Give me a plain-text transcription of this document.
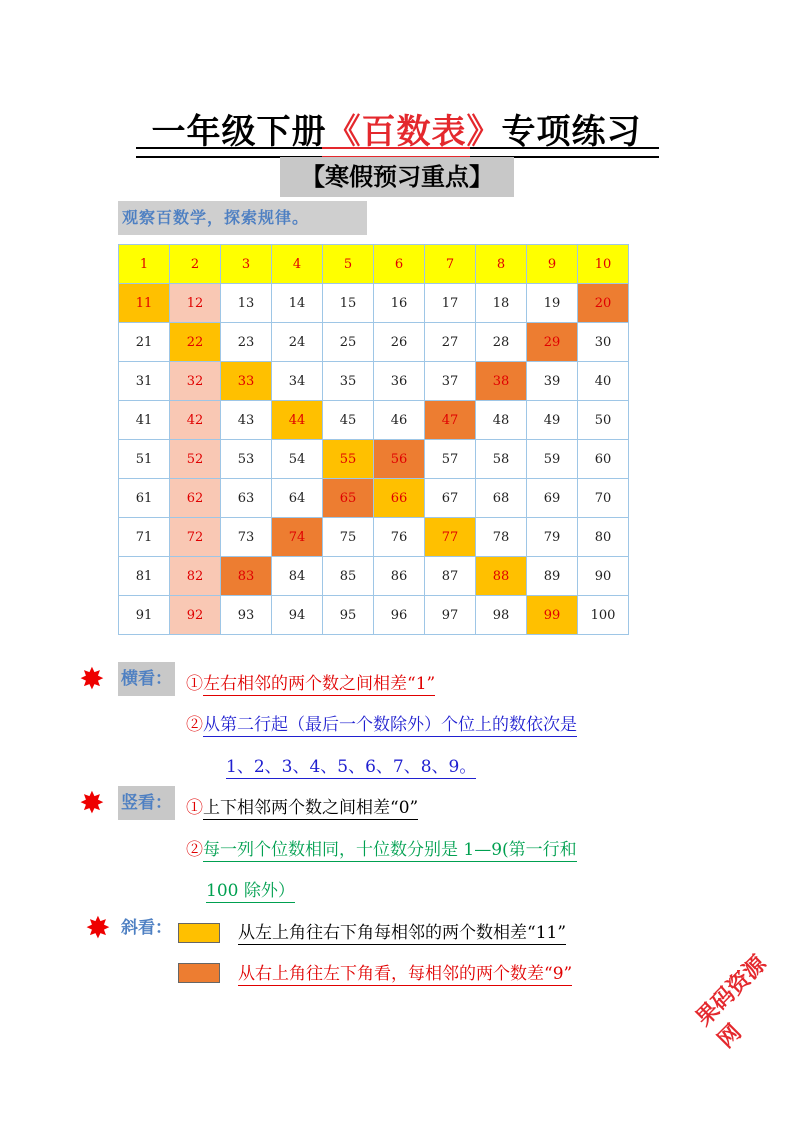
一年级下册《百数表》专项练习
【寒假预习重点】
观察百数学，探索规律。
1	2	3	4	5	6	7	8	9	10
11	12	13	14	15	16	17	18	19	20
21	22	23	24	25	26	27	28	29	30
31	32	33	34	35	36	37	38	39	40
41	42	43	44	45	46	47	48	49	50
51	52	53	54	55	56	57	58	59	60
61	62	63	64	65	66	67	68	69	70
71	72	73	74	75	76	77	78	79	80
81	82	83	84	85	86	87	88	89	90
91	92	93	94	95	96	97	98	99	100
✸ 横看： ①左右相邻的两个数之间相差“1”
②从第二行起（最后一个数除外）个位上的数依次是
1、2、3、4、5、6、7、8、9。
✸ 竖看： ①上下相邻两个数之间相差“0”
②每一列个位数相同，十位数分别是 1—9(第一行和
100 除外）
✸ 斜看：	从左上角往右下角每相邻的两个数相差“11”
从右上角往左下角看，每相邻的两个数差“9”	果码资源网
